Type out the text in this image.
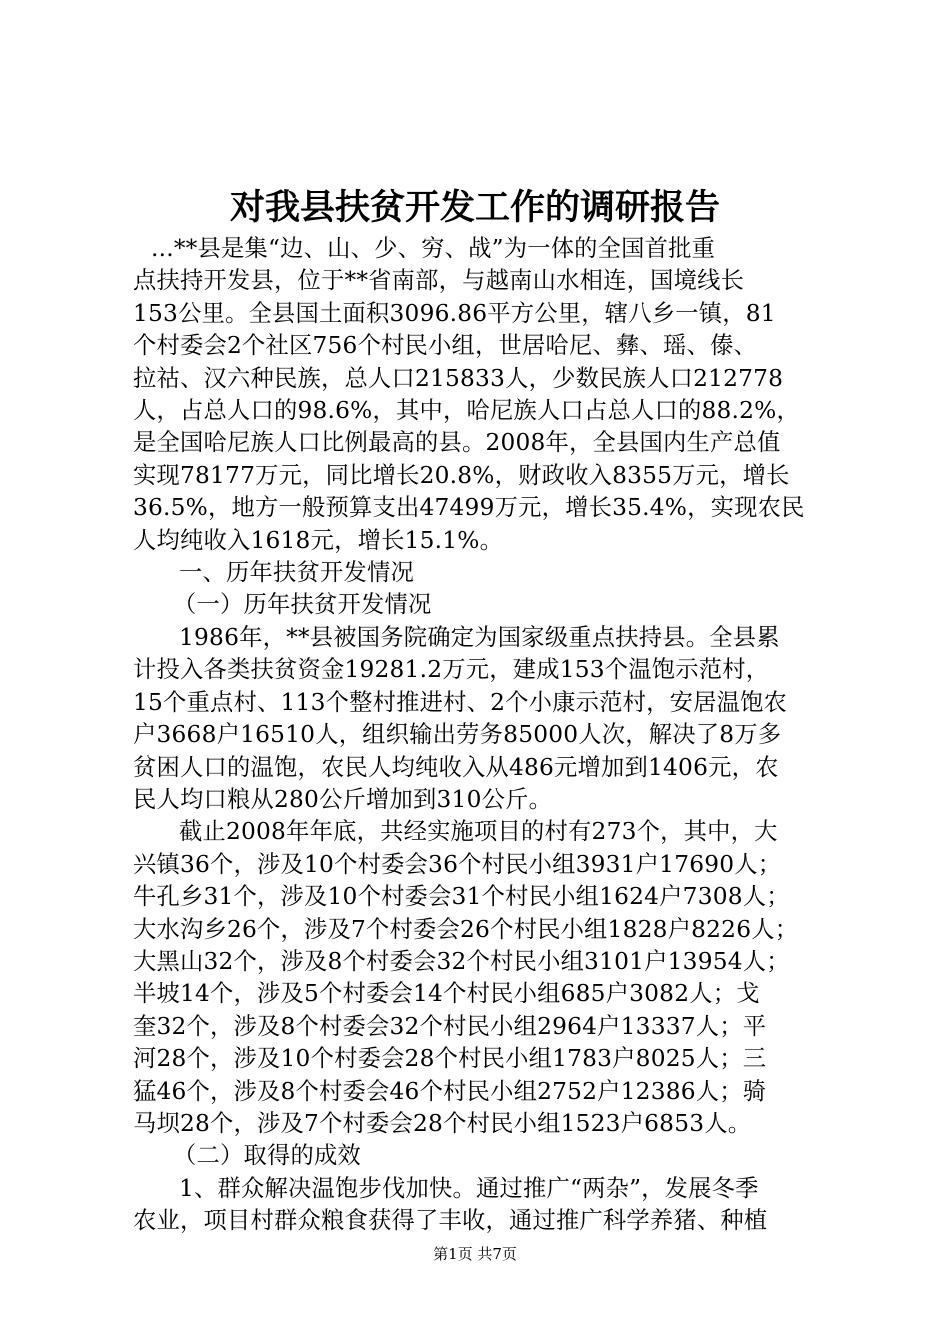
对我县扶贫开发工作的调研报告
...**县是集“边、山、少、穷、战”为一体的全国首批重
点扶持开发县，位于**省南部，与越南山水相连，国境线长
153公里。全县国土面积3096.86平方公里，辖八乡一镇，81
个村委会2个社区756个村民小组，世居哈尼、彝、瑶、傣、
拉祜、汉六种民族，总人口215833人，少数民族人口212778
人，占总人口的98.6%，其中，哈尼族人口占总人口的88.2%，
是全国哈尼族人口比例最高的县。2008年，全县国内生产总值
实现78177万元，同比增长20.8%，财政收入8355万元，增长
36.5%，地方一般预算支出47499万元，增长35.4%，实现农民
人均纯收入1618元，增长15.1%。
一、历年扶贫开发情况
（一）历年扶贫开发情况
1986年，**县被国务院确定为国家级重点扶持县。全县累
计投入各类扶贫资金19281.2万元，建成153个温饱示范村，
15个重点村、113个整村推进村、2个小康示范村，安居温饱农
户3668户16510人，组织输出劳务85000人次，解决了8万多
贫困人口的温饱，农民人均纯收入从486元增加到1406元，农
民人均口粮从280公斤增加到310公斤。
截止2008年年底，共经实施项目的村有273个，其中，大
兴镇36个，涉及10个村委会36个村民小组3931户17690人；
牛孔乡31个，涉及10个村委会31个村民小组1624户7308人；
大水沟乡26个，涉及7个村委会26个村民小组1828户8226人；
大黑山32个，涉及8个村委会32个村民小组3101户13954人；
半坡14个，涉及5个村委会14个村民小组685户3082人；戈
奎32个，涉及8个村委会32个村民小组2964户13337人；平
河28个，涉及10个村委会28个村民小组1783户8025人；三
猛46个，涉及8个村委会46个村民小组2752户12386人；骑
马坝28个，涉及7个村委会28个村民小组1523户6853人。
（二）取得的成效
1、群众解决温饱步伐加快。通过推广“两杂”，发展冬季
农业，项目村群众粮食获得了丰收，通过推广科学养猪、种植
第1页 共7页
